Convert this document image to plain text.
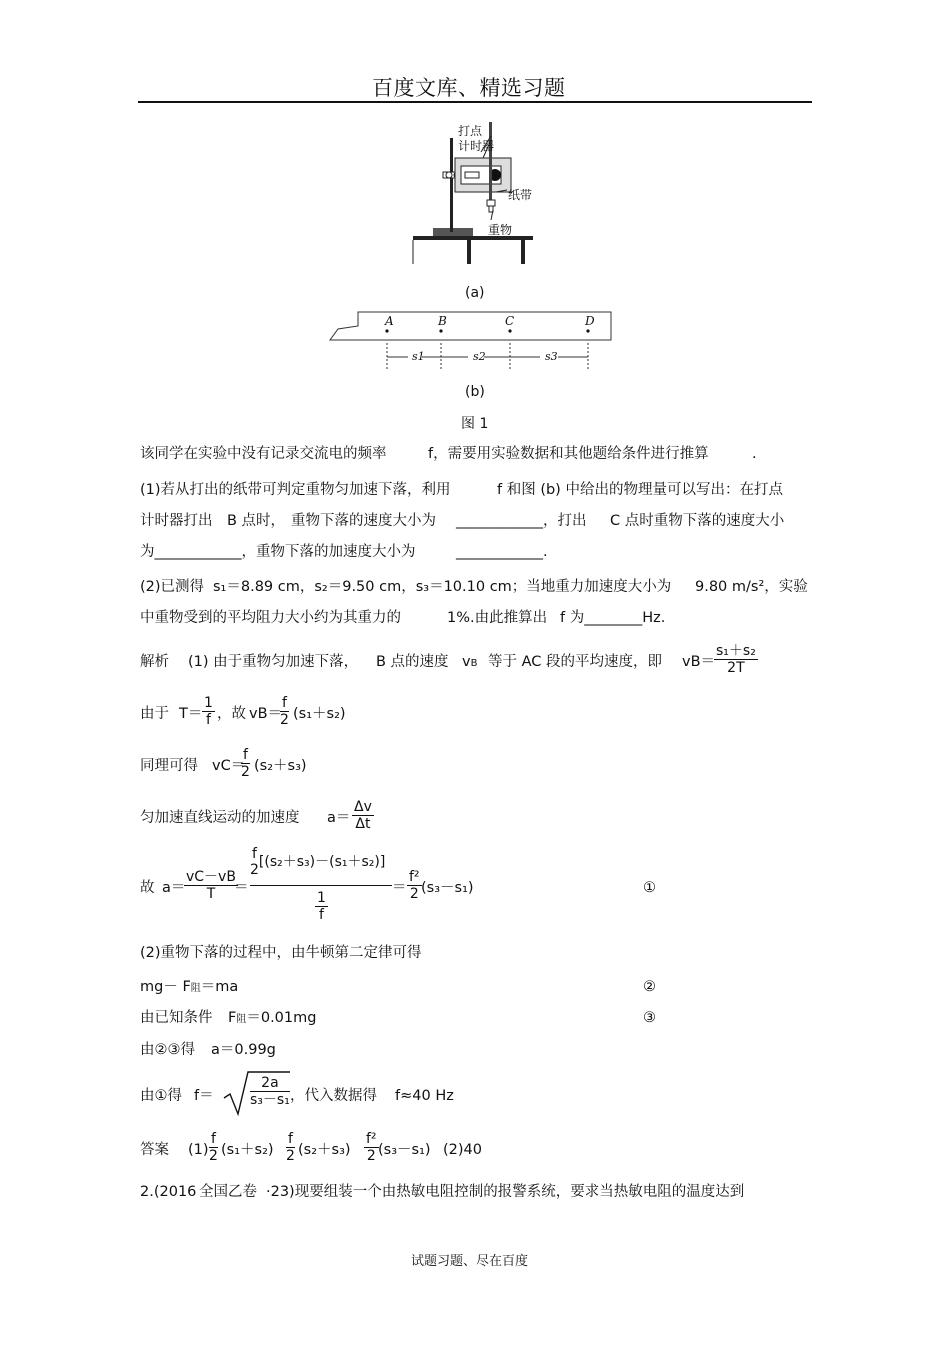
百度文库、精选习题
打点
计时器
纸带
重物
(a)
A	B	C	D
s1	s2	s3
(b)
图 1
该同学在实验中没有记录交流电的频率	f，需要用实验数据和其他题给条件进行推算	.
(1)若从打出的纸带可判定重物匀加速下落，利用	f 和图 (b) 中给出的物理量可以写出：在打点
计时器打出 B 点时， 重物下落的速度大小为 ____________，打出 C 点时重物下落的速度大小
为____________，重物下落的加速度大小为	____________.
(2)已测得 s₁＝8.89 cm，s₂＝9.50 cm，s₃＝10.10 cm；当地重力加速度大小为 9.80 m/s²，实验
中重物受到的平均阻力大小约为其重力的	1%.由此推算出 f 为________Hz.
解析 (1) 由于重物匀加速下落， B 点的速度 vB 等于 AC 段的平均速度，即 vB＝
$\frac{\text{s₁＋s₂}}{2T}$
由于 $T= \frac{1}{f}$ ，故 vB＝
$\frac{f}{2} (s_1+s_2)$
同理可得 vC＝
$\frac{f}{2} (s_2+s_3)$
匀加速直线运动的加速度 $a= \frac{\Delta v}{\Delta t}$
故 a＝
$\frac{vC-vB}{T}$
＝
f
2 [(s₂＋s₃)－(s₁＋s₂)]
1
f
＝ $\frac{\text{f²}}{2} (s_3-s_1)$	①
(2)重物下落的过程中，由牛顿第二定律可得
mg－ F阻＝ma	②
由已知条件 F阻＝0.01mg	③
由②③得 a＝0.99g
由①得 f＝	$\frac{2a}{\text{s₃－s₁}}$ ，代入数据得 f≈40 Hz
答案 $(1) \frac{f}{2} (s_1+s_2) \frac{f}{2} (s_2+s_3) \frac{\text{f²}}{2} (s_3-s_1)$ (2)40
2.(2016 全国乙卷 ·23)现要组装一个由热敏电阻控制的报警系统，要求当热敏电阻的温度达到
试题习题、尽在百度
